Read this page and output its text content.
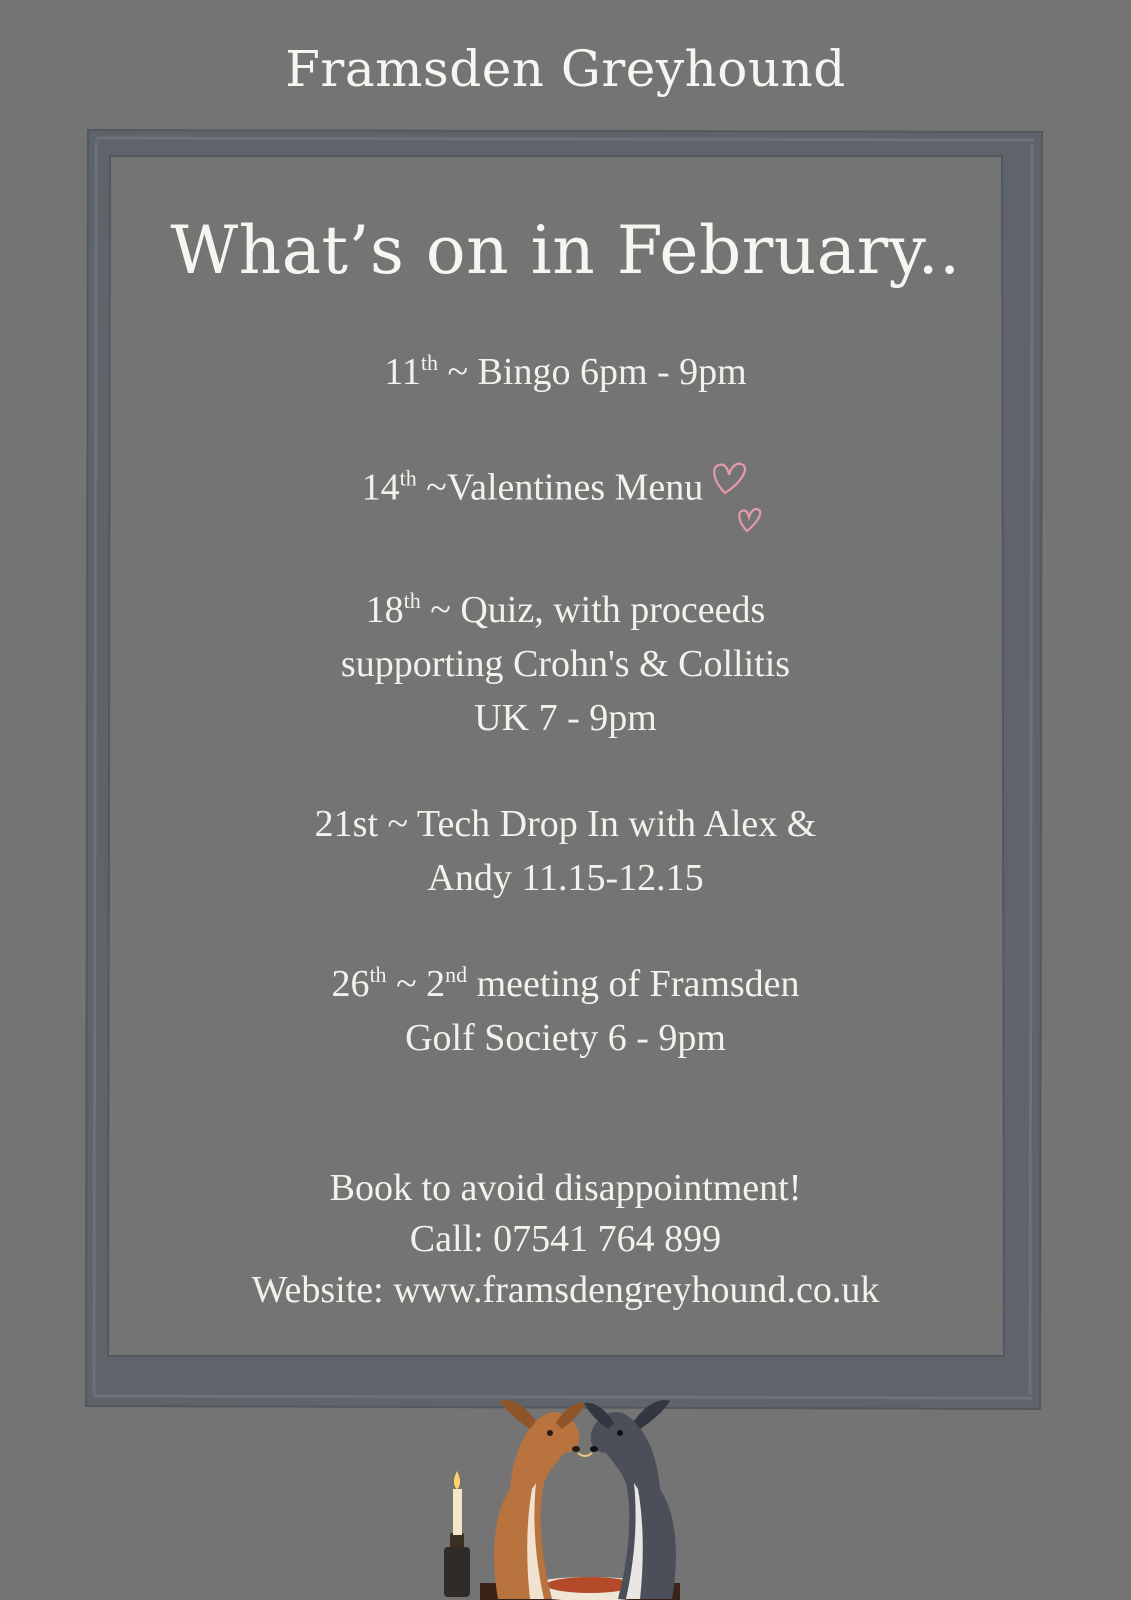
Framsden Greyhound
What’s on in February..
11th ~ Bingo 6pm - 9pm
14th ~Valentines Menu
18th ~ Quiz, with proceeds
supporting Crohn's & Collitis
UK 7 - 9pm
21st ~ Tech Drop In with Alex &
Andy 11.15-12.15
26th ~ 2nd meeting of Framsden
Golf Society 6 - 9pm
Book to avoid disappointment!
Call: 07541 764 899
Website: www.framsdengreyhound.co.uk
